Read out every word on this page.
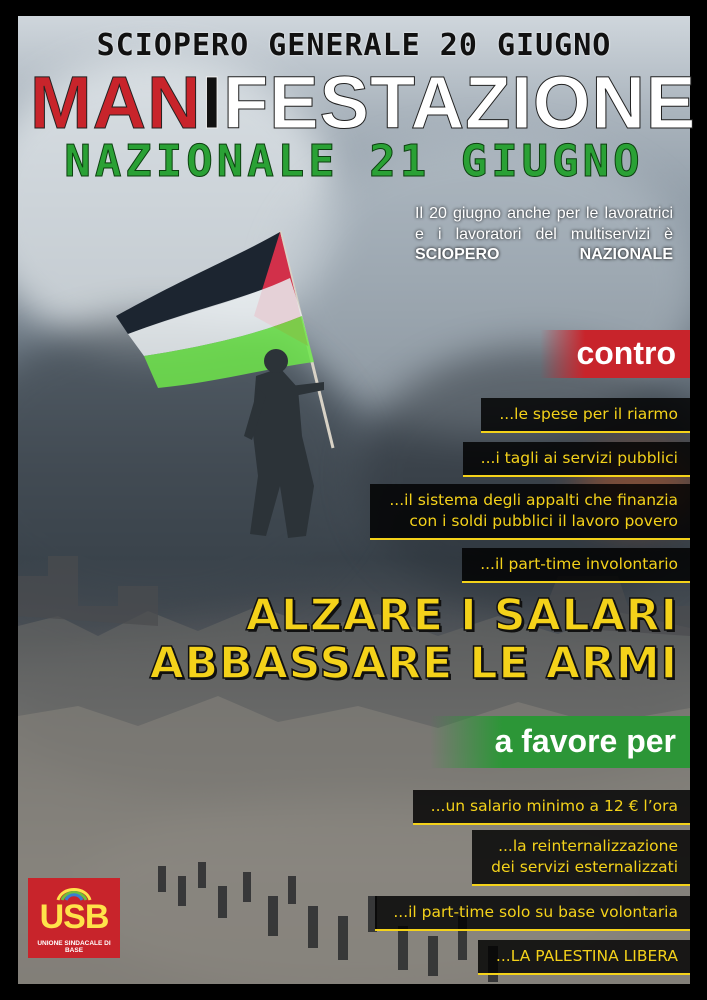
SCIOPERO GENERALE 20 GIUGNO
MANIFESTAZIONE
NAZIONALE 21 GIUGNO
Il 20 giugno anche per le lavoratrici e i lavoratori del multiservizi è SCIOPERO NAZIONALE
contro
...le spese per il riarmo
...i tagli ai servizi pubblici
...il sistema degli appalti che finanzia con i soldi pubblici il lavoro povero
...il part-time involontario
ALZARE I SALARI
ABBASSARE LE ARMI
a favore per
...un salario minimo a 12 € l’ora
...la reinternalizzazione dei servizi esternalizzati
...il part-time solo su base volontaria
...LA PALESTINA LIBERA
USB
UNIONE SINDACALE DI BASE
